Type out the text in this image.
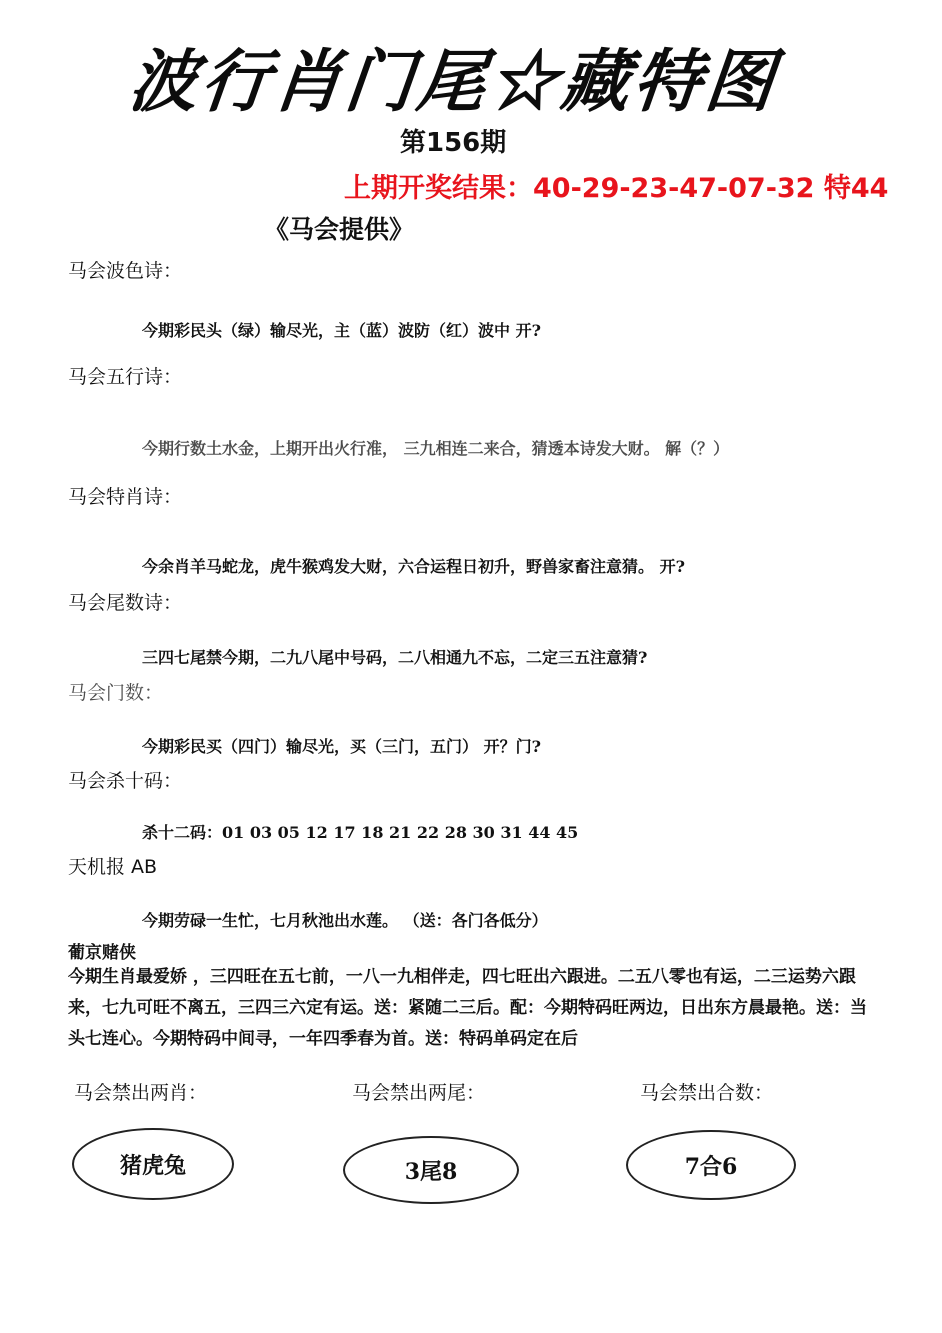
波行肖门尾☆藏特图
第156期
上期开奖结果：40-29-23-47-07-32 特44
《马会提供》
马会波色诗：
今期彩民头（绿）输尽光，主（蓝）波防（红）波中 开?
马会五行诗：
今期行数土水金，上期开出火行准， 三九相连二来合，猜透本诗发大财。 解（？）
马会特肖诗：
今余肖羊马蛇龙，虎牛猴鸡发大财，六合运程日初升，野兽家畜注意猜。 开?
马会尾数诗：
三四七尾禁今期，二九八尾中号码，二八相通九不忘，二定三五注意猜?
马会门数：
今期彩民买（四门）输尽光，买（三门，五门） 开？门?
马会杀十码：
杀十二码：01 03 05 12 17 18 21 22 28 30 31 44 45
天机报 AB
今期劳碌一生忙，七月秋池出水莲。 （送：各门各低分）
葡京赌侠
今期生肖最爱娇 ，三四旺在五七前，一八一九相伴走，四七旺出六跟进。二五八零也有运，二三运势六跟来，七九可旺不离五，三四三六定有运。送：紧随二三后。配：今期特码旺两边，日出东方晨最艳。送：当头七连心。今期特码中间寻，一年四季春为首。送：特码单码定在后
马会禁出两肖：	马会禁出两尾：	马会禁出合数：
猪虎兔	3尾8	7合6
